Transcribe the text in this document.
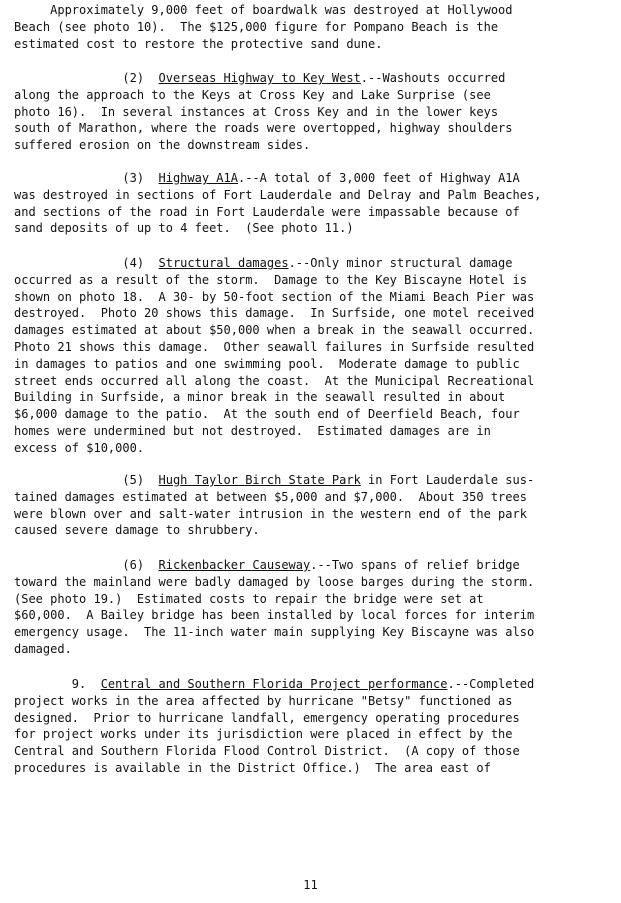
Approximately 9,000 feet of boardwalk was destroyed at Hollywood
Beach (see photo 10).  The $125,000 figure for Pompano Beach is the
estimated cost to restore the protective sand dune.
(2)  Overseas Highway to Key West.--Washouts occurred
along the approach to the Keys at Cross Key and Lake Surprise (see
photo 16).  In several instances at Cross Key and in the lower keys
south of Marathon, where the roads were overtopped, highway shoulders
suffered erosion on the downstream sides.
(3)  Highway A1A.--A total of 3,000 feet of Highway A1A
was destroyed in sections of Fort Lauderdale and Delray and Palm Beaches,
and sections of the road in Fort Lauderdale were impassable because of
sand deposits of up to 4 feet.  (See photo 11.)
(4)  Structural damages.--Only minor structural damage
occurred as a result of the storm.  Damage to the Key Biscayne Hotel is
shown on photo 18.  A 30- by 50-foot section of the Miami Beach Pier was
destroyed.  Photo 20 shows this damage.  In Surfside, one motel received
damages estimated at about $50,000 when a break in the seawall occurred.
Photo 21 shows this damage.  Other seawall failures in Surfside resulted
in damages to patios and one swimming pool.  Moderate damage to public
street ends occurred all along the coast.  At the Municipal Recreational
Building in Surfside, a minor break in the seawall resulted in about
$6,000 damage to the patio.  At the south end of Deerfield Beach, four
homes were undermined but not destroyed.  Estimated damages are in
excess of $10,000.
(5)  Hugh Taylor Birch State Park in Fort Lauderdale sus-
tained damages estimated at between $5,000 and $7,000.  About 350 trees
were blown over and salt-water intrusion in the western end of the park
caused severe damage to shrubbery.
(6)  Rickenbacker Causeway.--Two spans of relief bridge
toward the mainland were badly damaged by loose barges during the storm.
(See photo 19.)  Estimated costs to repair the bridge were set at
$60,000.  A Bailey bridge has been installed by local forces for interim
emergency usage.  The 11-inch water main supplying Key Biscayne was also
damaged.
9.  Central and Southern Florida Project performance.--Completed
project works in the area affected by hurricane "Betsy" functioned as
designed.  Prior to hurricane landfall, emergency operating procedures
for project works under its jurisdiction were placed in effect by the
Central and Southern Florida Flood Control District.  (A copy of those
procedures is available in the District Office.)  The area east of
11
